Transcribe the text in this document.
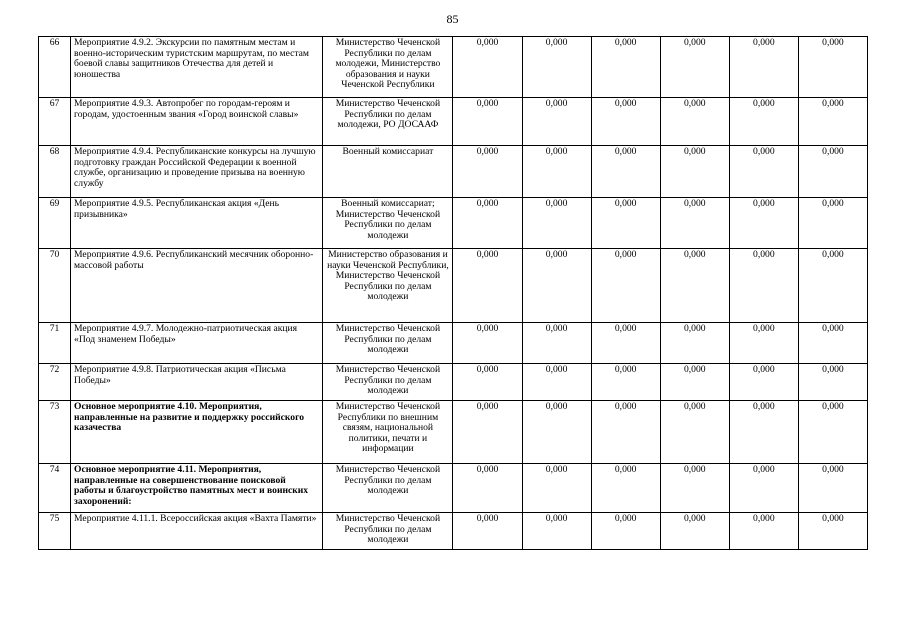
85
66	Мероприятие 4.9.2. Экскурсии по памятным местам и военно-историческим туристским маршрутам, по местам боевой славы защитников Отечества для детей и юношества	Министерство Чеченской Республики по делам молодежи, Министерство образования и науки Чеченской Республики	0,000	0,000	0,000	0,000	0,000	0,000
67	Мероприятие 4.9.3. Автопробег по городам-героям и городам, удостоенным звания «Город воинской славы»	Министерство Чеченской Республики по делам молодежи, РО ДОСААФ	0,000	0,000	0,000	0,000	0,000	0,000
68	Мероприятие 4.9.4. Республиканские конкурсы на лучшую подготовку граждан Российской Федерации к военной службе, организацию и проведение призыва на военную службу	Военный комиссариат	0,000	0,000	0,000	0,000	0,000	0,000
69	Мероприятие 4.9.5. Республиканская акция «День призывника»	Военный комиссариат; Министерство Чеченской Республики по делам молодежи	0,000	0,000	0,000	0,000	0,000	0,000
70	Мероприятие 4.9.6. Республиканский месячник оборонно-массовой работы	Министерство образования и науки Чеченской Республики, Министерство Чеченской Республики по делам молодежи	0,000	0,000	0,000	0,000	0,000	0,000
71	Мероприятие 4.9.7. Молодежно-патриотическая акция «Под знаменем Победы»	Министерство Чеченской Республики по делам молодежи	0,000	0,000	0,000	0,000	0,000	0,000
72	Мероприятие 4.9.8. Патриотическая акция «Письма Победы»	Министерство Чеченской Республики по делам молодежи	0,000	0,000	0,000	0,000	0,000	0,000
73	Основное мероприятие 4.10. Мероприятия, направленные на развитие и поддержку российского казачества	Министерство Чеченской Республики по внешним связям, национальной политики, печати и информации	0,000	0,000	0,000	0,000	0,000	0,000
74	Основное мероприятие 4.11. Мероприятия, направленные на совершенствование поисковой работы и благоустройство памятных мест и воинских захоронений:	Министерство Чеченской Республики по делам молодежи	0,000	0,000	0,000	0,000	0,000	0,000
75	Мероприятие 4.11.1. Всероссийская акция «Вахта Памяти»	Министерство Чеченской Республики по делам молодежи	0,000	0,000	0,000	0,000	0,000	0,000
